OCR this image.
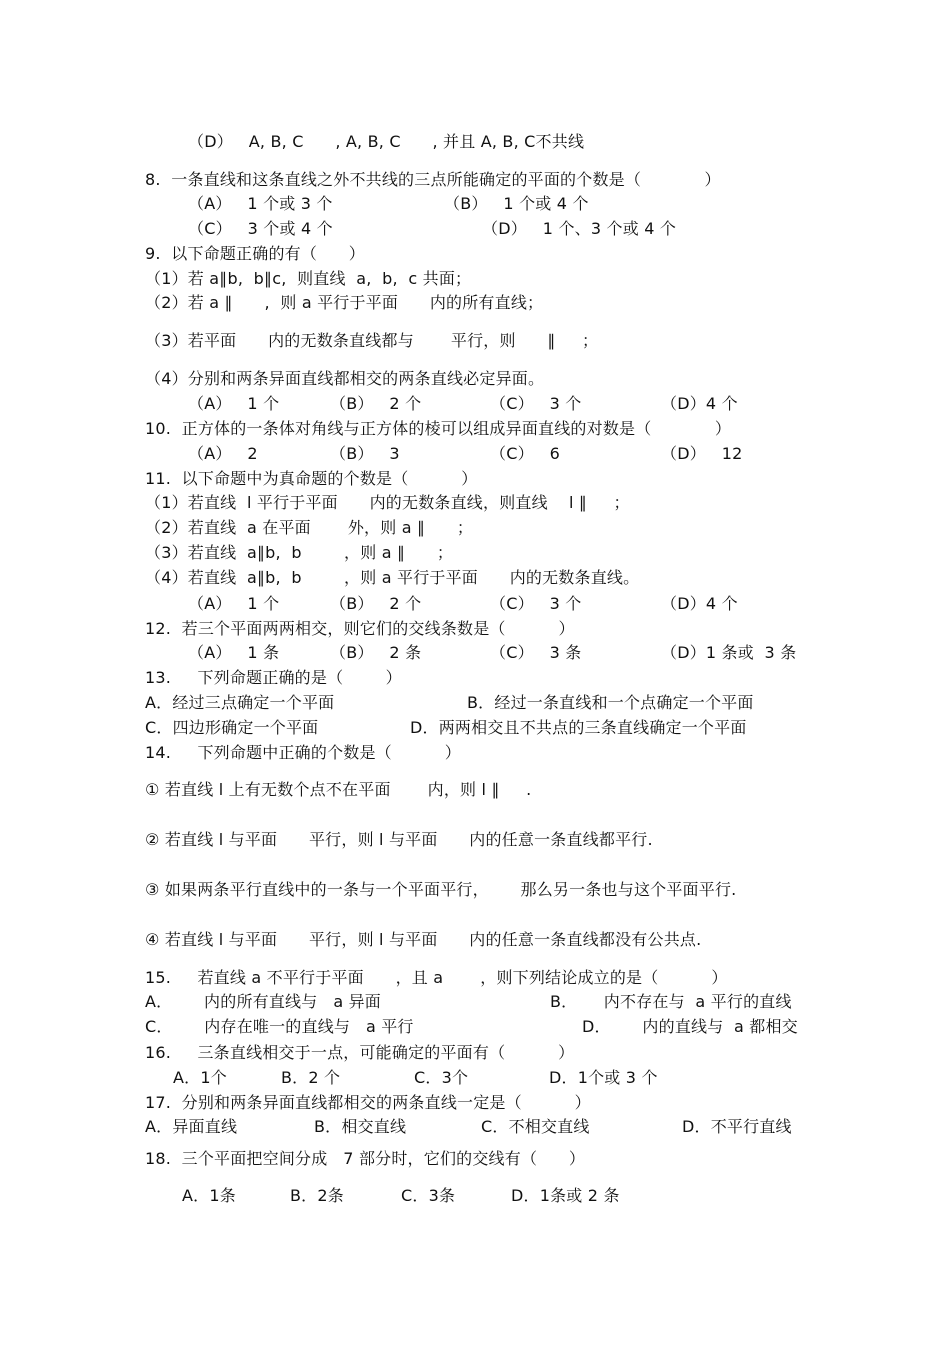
（D）   A, B, C      , A, B, C      , 并且 A, B, C不共线
8.  一条直线和这条直线之外不共线的三点所能确定的平面的个数是（            ）
（A）   1 个或 3 个	（B）   1 个或 4 个
（C）   3 个或 4 个	（D）   1 个、3 个或 4 个
9.  以下命题正确的有（      ）
（1）若 a∥b,  b∥c,  则直线  a,  b,  c 共面；
（2）若 a ∥      ,  则 a 平行于平面      内的所有直线；
（3）若平面      内的无数条直线都与       平行，则      ∥     ；
（4）分别和两条异面直线都相交的两条直线必定异面。
（A）   1 个	（B）   2 个	（C）   3 个	（D）4 个
10.  正方体的一条体对角线与正方体的棱可以组成异面直线的对数是（            ）
（A）   2	（B）   3	（C）   6	（D）   12
11.  以下命题中为真命题的个数是（          ）
（1）若直线  l 平行于平面      内的无数条直线，则直线    l ∥     ；
（2）若直线  a 在平面       外，则 a ∥      ；
（3）若直线  a∥b,  b        ，则 a ∥      ；
（4）若直线  a∥b,  b        ，则 a 平行于平面      内的无数条直线。
（A）   1 个	（B）   2 个	（C）   3 个	（D）4 个
12.  若三个平面两两相交，则它们的交线条数是（          ）
（A）   1 条	（B）   2 条	（C）   3 条	（D）1 条或  3 条
13.     下列命题正确的是（        ）
A．经过三点确定一个平面	B．经过一条直线和一个点确定一个平面
C．四边形确定一个平面	D．两两相交且不共点的三条直线确定一个平面
14.     下列命题中正确的个数是（          ）
① 若直线 l 上有无数个点不在平面       内，则 l ∥     .
② 若直线 l 与平面      平行，则 l 与平面      内的任意一条直线都平行.
③ 如果两条平行直线中的一条与一个平面平行，      那么另一条也与这个平面平行.
④ 若直线 l 与平面      平行，则 l 与平面      内的任意一条直线都没有公共点.
15.     若直线 a 不平行于平面      ，且 a       ，则下列结论成立的是（          ）
A．      内的所有直线与   a 异面	B．     内不存在与  a 平行的直线
C．      内存在唯一的直线与   a 平行	D．      内的直线与  a 都相交
16.     三条直线相交于一点，可能确定的平面有（          ）
A．1个	B．2 个	C．3个	D．1个或 3 个
17.  分别和两条异面直线都相交的两条直线一定是（          ）
A．异面直线	B．相交直线	C．不相交直线	D．不平行直线
18.  三个平面把空间分成   7 部分时，它们的交线有（      ）
A．1条	B．2条	C．3条	D．1条或 2 条
